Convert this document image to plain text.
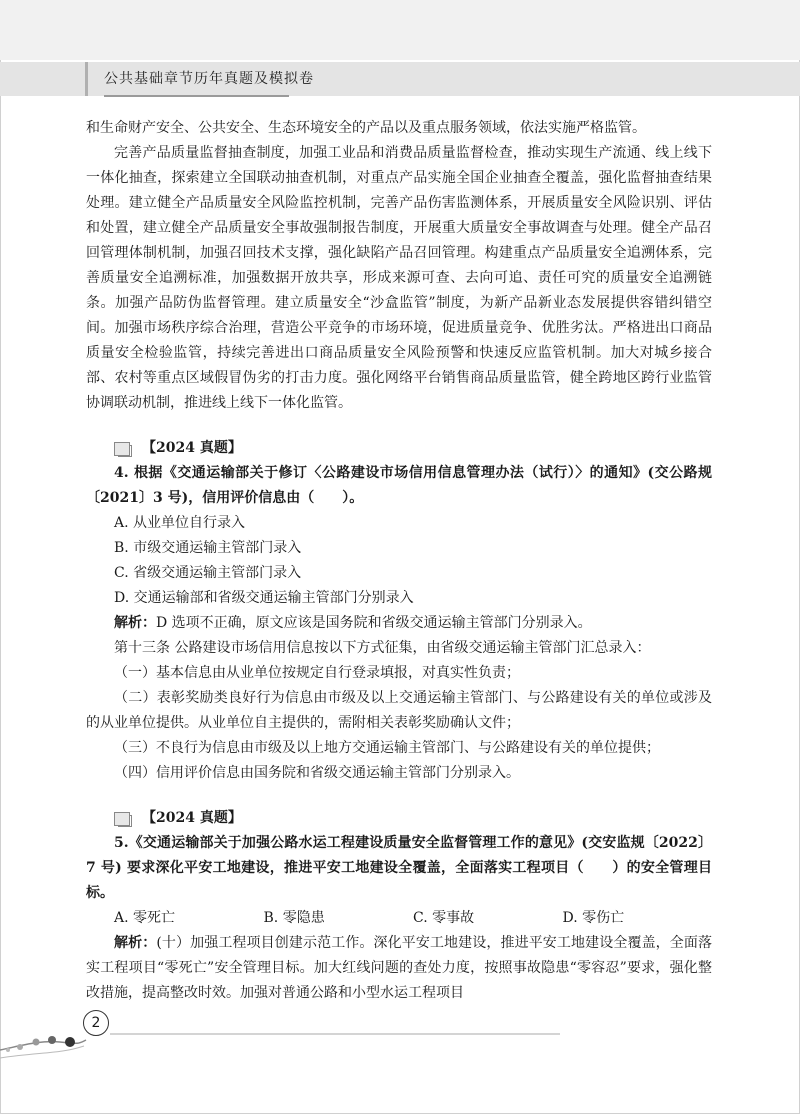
公共基础章节历年真题及模拟卷

和生命财产安全、公共安全、生态环境安全的产品以及重点服务领域，依法实施严格监管。

完善产品质量监督抽查制度，加强工业品和消费品质量监督检查，推动实现生产流通、线上线下一体化抽查，探索建立全国联动抽查机制，对重点产品实施全国企业抽查全覆盖，强化监督抽查结果处理。建立健全产品质量安全风险监控机制，完善产品伤害监测体系，开展质量安全风险识别、评估和处置，建立健全产品质量安全事故强制报告制度，开展重大质量安全事故调查与处理。健全产品召回管理体制机制，加强召回技术支撑，强化缺陷产品召回管理。构建重点产品质量安全追溯体系，完善质量安全追溯标准，加强数据开放共享，形成来源可查、去向可追、责任可究的质量安全追溯链条。加强产品防伪监督管理。建立质量安全“沙盒监管”制度，为新产品新业态发展提供容错纠错空间。加强市场秩序综合治理，营造公平竞争的市场环境，促进质量竞争、优胜劣汰。严格进出口商品质量安全检验监管，持续完善进出口商品质量安全风险预警和快速反应监管机制。加大对城乡接合部、农村等重点区域假冒伪劣的打击力度。强化网络平台销售商品质量监管，健全跨地区跨行业监管协调联动机制，推进线上线下一体化监管。

【2024 真题】

4. 根据《交通运输部关于修订〈公路建设市场信用信息管理办法（试行）〉的通知》(交公路规〔2021〕3 号)，信用评价信息由（　　）。

A. 从业单位自行录入

B. 市级交通运输主管部门录入

C. 省级交通运输主管部门录入

D. 交通运输部和省级交通运输主管部门分别录入

解析：D 选项不正确，原文应该是国务院和省级交通运输主管部门分别录入。

第十三条 公路建设市场信用信息按以下方式征集，由省级交通运输主管部门汇总录入：

（一）基本信息由从业单位按规定自行登录填报，对真实性负责；

（二）表彰奖励类良好行为信息由市级及以上交通运输主管部门、与公路建设有关的单位或涉及的从业单位提供。从业单位自主提供的，需附相关表彰奖励确认文件；

（三）不良行为信息由市级及以上地方交通运输主管部门、与公路建设有关的单位提供；

（四）信用评价信息由国务院和省级交通运输主管部门分别录入。

【2024 真题】

5.《交通运输部关于加强公路水运工程建设质量安全监督管理工作的意见》(交安监规〔2022〕7 号) 要求深化平安工地建设，推进平安工地建设全覆盖，全面落实工程项目（　　）的安全管理目标。

A. 零死亡	B. 零隐患	C. 零事故	D. 零伤亡

解析：(十）加强工程项目创建示范工作。深化平安工地建设，推进平安工地建设全覆盖，全面落实工程项目“零死亡”安全管理目标。加大红线问题的查处力度，按照事故隐患“零容忍”要求，强化整改措施，提高整改时效。加强对普通公路和小型水运工程项目

2
